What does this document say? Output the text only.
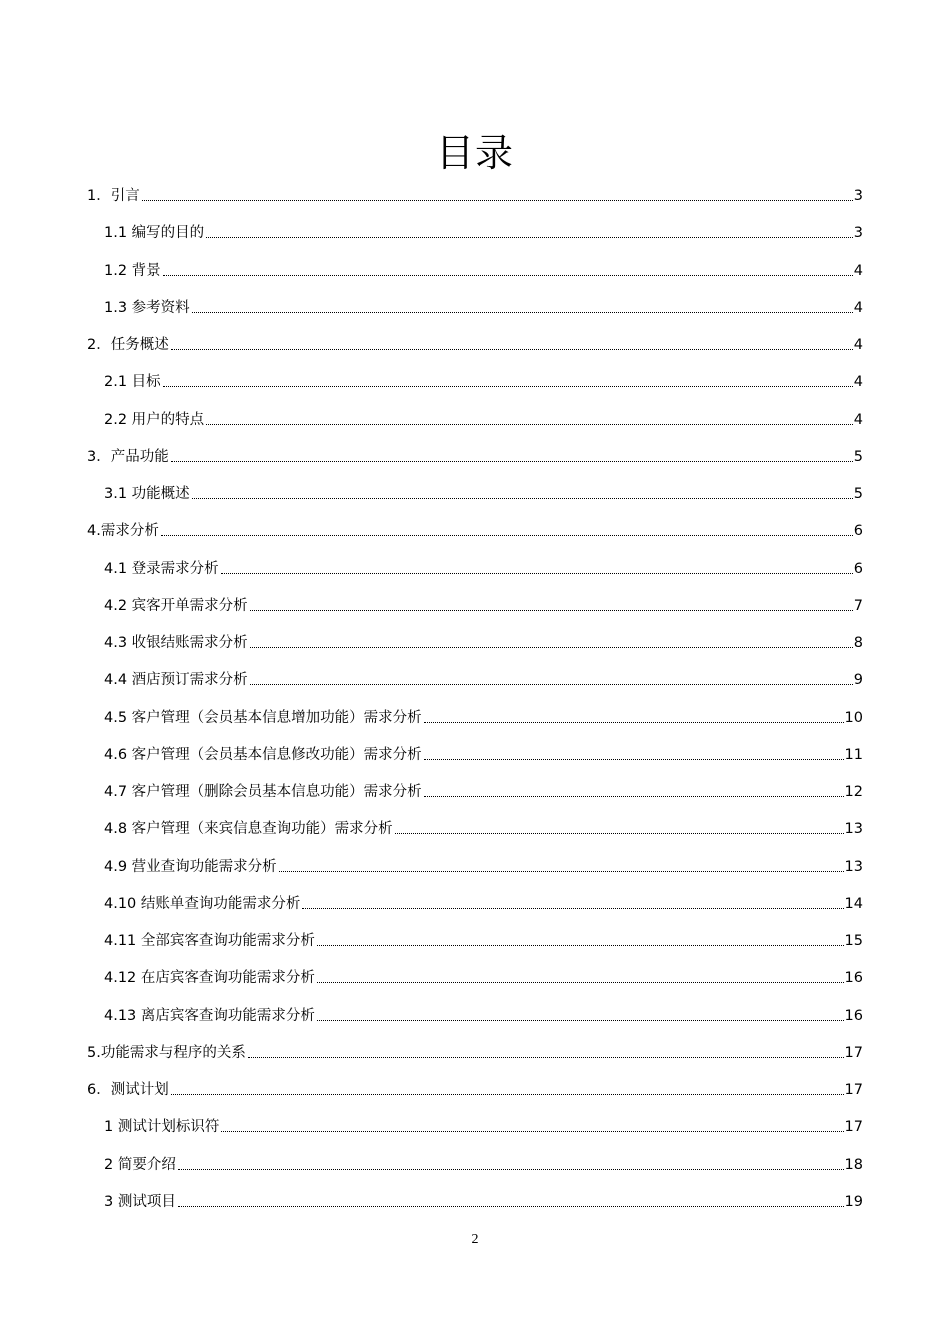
目录
1．引言	3
1.1 编写的目的	3
1.2 背景	4
1.3 参考资料	4
2．任务概述	4
2.1 目标	4
2.2 用户的特点	4
3．产品功能	5
3.1 功能概述	5
4.需求分析	6
4.1 登录需求分析	6
4.2 宾客开单需求分析	7
4.3 收银结账需求分析	8
4.4 酒店预订需求分析	9
4.5 客户管理（会员基本信息增加功能）需求分析	10
4.6 客户管理（会员基本信息修改功能）需求分析	11
4.7 客户管理（删除会员基本信息功能）需求分析	12
4.8 客户管理（来宾信息查询功能）需求分析	13
4.9 营业查询功能需求分析	13
4.10 结账单查询功能需求分析	14
4.11 全部宾客查询功能需求分析	15
4.12 在店宾客查询功能需求分析	16
4.13 离店宾客查询功能需求分析	16
5.功能需求与程序的关系	17
6．测试计划	17
1 测试计划标识符	17
2 简要介绍	18
3 测试项目	19
2
